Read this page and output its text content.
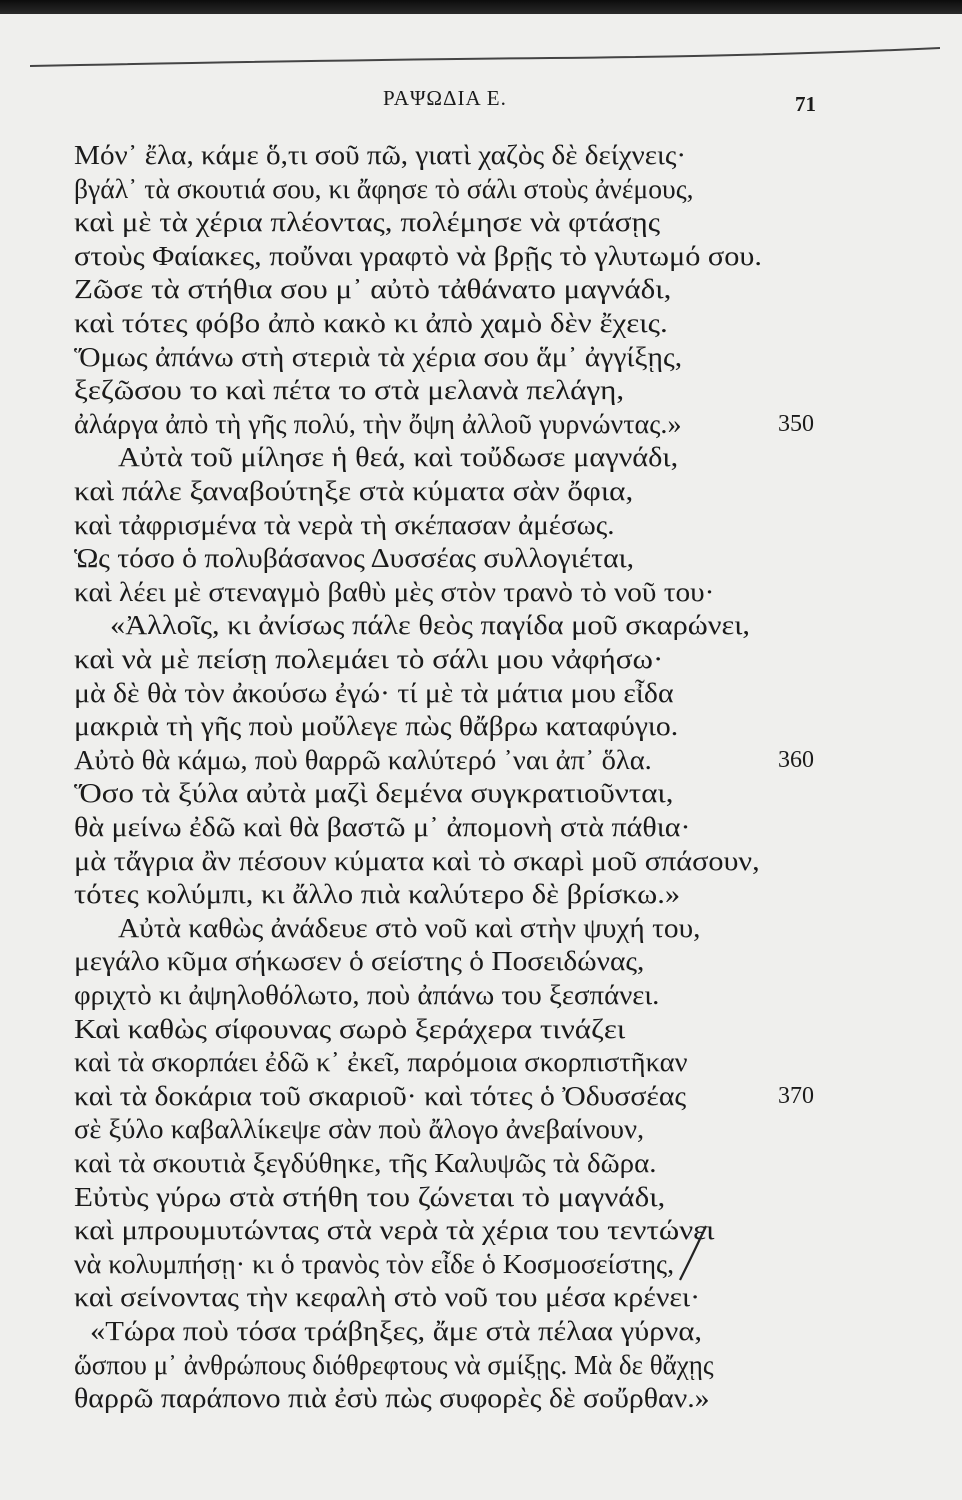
ΡΑΨΩΔΙΑ Ε.	71
Μόν᾿ ἔλα, κάμε ὅ,τι σοῦ πῶ, γιατὶ χαζὸς δὲ δείχνεις·
βγάλ᾿ τὰ σκουτιά σου, κι ἄφησε τὸ σάλι στοὺς ἀνέμους,
καὶ μὲ τὰ χέρια πλέοντας, πολέμησε νὰ φτάσῃς
στοὺς Φαίακες, ποὔναι γραφτὸ νὰ βρῇς τὸ γλυτωμό σου.
Ζῶσε τὰ στήθια σου μ᾿ αὐτὸ τἀθάνατο μαγνάδι,
καὶ τότες φόβο ἀπὸ κακὸ κι ἀπὸ χαμὸ δὲν ἔχεις.
Ὅμως ἀπάνω στὴ στεριὰ τὰ χέρια σου ἅμ᾿ ἀγγίξῃς,
ξεζῶσου το καὶ πέτα το στὰ μελανὰ πελάγη,
ἀλάργα ἀπὸ τὴ γῆς πολύ, τὴν ὄψη ἀλλοῦ γυρνώντας.»	350
Αὐτὰ τοῦ μίλησε ἡ θεά, καὶ τοὔδωσε μαγνάδι,
καὶ πάλε ξαναβούτηξε στὰ κύματα σὰν ὄφια,
καὶ τἀφρισμένα τὰ νερὰ τὴ σκέπασαν ἀμέσως.
Ὡς τόσο ὁ πολυβάσανος Δυσσέας συλλογιέται,
καὶ λέει μὲ στεναγμὸ βαθὺ μὲς στὸν τρανὸ τὸ νοῦ του·
«Ἀλλοῖς, κι ἀνίσως πάλε θεὸς παγίδα μοῦ σκαρώνει,
καὶ νὰ μὲ πείσῃ πολεμάει τὸ σάλι μου νἀφήσω·
μὰ δὲ θὰ τὸν ἀκούσω ἐγώ· τί μὲ τὰ μάτια μου εἶδα
μακριὰ τὴ γῆς ποὺ μοὔλεγε πὼς θἄβρω καταφύγιο.
Αὐτὸ θὰ κάμω, ποὺ θαρρῶ καλύτερό ᾿ναι ἀπ᾿ ὅλα.	360
Ὅσο τὰ ξύλα αὐτὰ μαζὶ δεμένα συγκρατιοῦνται,
θὰ μείνω ἐδῶ καὶ θὰ βαστῶ μ᾿ ἀπομονὴ στὰ πάθια·
μὰ τἄγρια ἂν πέσουν κύματα καὶ τὸ σκαρὶ μοῦ σπάσουν,
τότες κολύμπι, κι ἄλλο πιὰ καλύτερο δὲ βρίσκω.»
Αὐτὰ καθὼς ἀνάδευε στὸ νοῦ καὶ στὴν ψυχή του,
μεγάλο κῦμα σήκωσεν ὁ σείστης ὁ Ποσειδώνας,
φριχτὸ κι ἀψηλοθόλωτο, ποὺ ἀπάνω του ξεσπάνει.
Καὶ καθὼς σίφουνας σωρὸ ξεράχερα τινάζει
καὶ τὰ σκορπάει ἐδῶ κ᾿ ἐκεῖ, παρόμοια σκορπιστῆκαν
καὶ τὰ δοκάρια τοῦ σκαριοῦ· καὶ τότες ὁ Ὀδυσσέας	370
σὲ ξύλο καβαλλίκεψε σὰν ποὺ ἄλογο ἀνεβαίνουν,
καὶ τὰ σκουτιὰ ξεγδύθηκε, τῆς Καλυψῶς τὰ δῶρα.
Εὐτὺς γύρω στὰ στήθη του ζώνεται τὸ μαγνάδι,
καὶ μπρουμυτώντας στὰ νερὰ τὰ χέρια του τεντώνει
νὰ κολυμπήσῃ· κι ὁ τρανὸς τὸν εἶδε ὁ Κοσμοσείστης,
καὶ σείνοντας τὴν κεφαλὴ στὸ νοῦ του μέσα κρένει·
«Τώρα ποὺ τόσα τράβηξες, ἄμε στὰ πέλαα γύρνα,
ὥσπου μ᾿ ἀνθρώπους διόθρεφτους νὰ σμίξῃς. Μὰ δε θἄχῃς
θαρρῶ παράπονο πιὰ ἐσὺ πὼς συφορὲς δὲ σοὔρθαν.»
